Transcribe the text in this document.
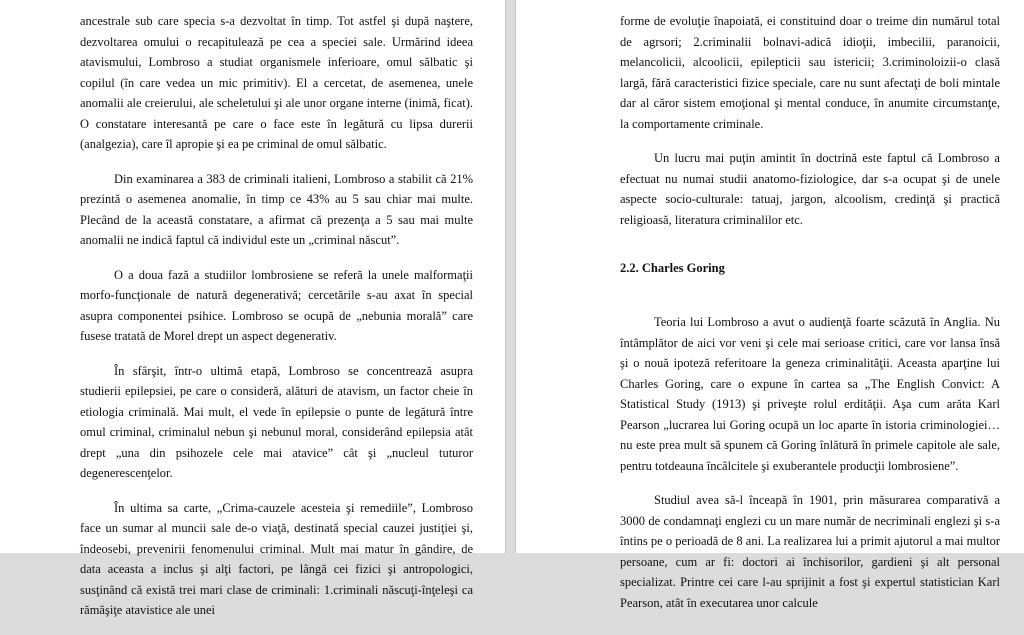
ancestrale sub care specia s-a dezvoltat în timp. Tot astfel şi după naştere, dezvoltarea omului o recapitulează pe cea a speciei sale. Urmărind ideea atavismului, Lombroso a studiat organismele inferioare, omul sălbatic şi copilul (în care vedea un mic primitiv). El a cercetat, de asemenea, unele anomalii ale creierului, ale scheletului şi ale unor organe interne (inimă, ficat). O constatare interesantă pe care o face este în legătură cu lipsa durerii (analgezia), care îl apropie şi ea pe criminal de omul sălbatic.

Din examinarea a 383 de criminali italieni, Lombroso a stabilit că 21% prezintă o asemenea anomalie, în timp ce 43% au 5 sau chiar mai multe. Plecând de la această constatare, a afirmat că prezenţa a 5 sau mai multe anomalii ne indică faptul că individul este un „criminal născut”.

O a doua fază a studiilor lombrosiene se referă la unele malformaţii morfo-funcţionale de natură degenerativă; cercetările s-au axat în special asupra componentei psihice. Lombroso se ocupă de „nebunia morală” care fusese tratată de Morel drept un aspect degenerativ.

În sfârşit, într-o ultimă etapă, Lombroso se concentrează asupra studierii epilepsiei, pe care o consideră, alături de atavism, un factor cheie în etiologia criminală. Mai mult, el vede în epilepsie o punte de legătură între omul criminal, criminalul nebun şi nebunul moral, considerând epilepsia atât drept „una din psihozele cele mai atavice” cât şi „nucleul tuturor degenerescenţelor.

În ultima sa carte, „Crima-cauzele acesteia şi remediile”, Lombroso face un sumar al muncii sale de-o viaţă, destinată special cauzei justiţiei şi, îndeosebi, prevenirii fenomenului criminal. Mult mai matur în gândire, de data aceasta a inclus şi alţi factori, pe lângă cei fizici şi antropologici, susţinând că există trei mari clase de criminali: 1.criminali născuţi-înţeleşi ca rămăşiţe atavistice ale unei

forme de evoluţie înapoiată, ei constituind doar o treime din numărul total de agrsori; 2.criminalii bolnavi-adică idioţii, imbecilii, paranoicii, melancolicii, alcoolicii, epilepticii sau istericii; 3.criminoloizii-o clasă largă, fără caracteristici fizice speciale, care nu sunt afectaţi de boli mintale dar al căror sistem emoţional şi mental conduce, în anumite circumstanţe, la comportamente criminale.

Un lucru mai puţin amintit în doctrină este faptul că Lombroso a efectuat nu numai studii anatomo-fiziologice, dar s-a ocupat şi de unele aspecte socio-culturale: tatuaj, jargon, alcoolism, credinţă şi practică religioasă, literatura criminalilor etc.

2.2. Charles Goring

Teoria lui Lombroso a avut o audienţă foarte scăzută în Anglia. Nu întâmplător de aici vor veni şi cele mai serioase critici, care vor lansa însă şi o nouă ipoteză referitoare la geneza criminalităţii. Aceasta aparţine lui Charles Goring, care o expune în cartea sa „The English Convict: A Statistical Study (1913) şi priveşte rolul erdităţii. Aşa cum arăta Karl Pearson „lucrarea lui Goring ocupă un loc aparte în istoria criminologiei… nu este prea mult să spunem că Goring înlătură în primele capitole ale sale, pentru totdeauna încâlcitele şi exuberantele producţii lombrosiene”.

Studiul avea să-l înceapă în 1901, prin măsurarea comparativă a 3000 de condamnaţi englezi cu un mare număr de necriminali englezi şi s-a întins pe o perioadă de 8 ani. La realizarea lui a primit ajutorul a mai multor persoane, cum ar fi: doctori ai închisorilor, gardieni şi alt personal specializat. Printre cei care l-au sprijinit a fost şi expertul statistician Karl Pearson, atât în executarea unor calcule
